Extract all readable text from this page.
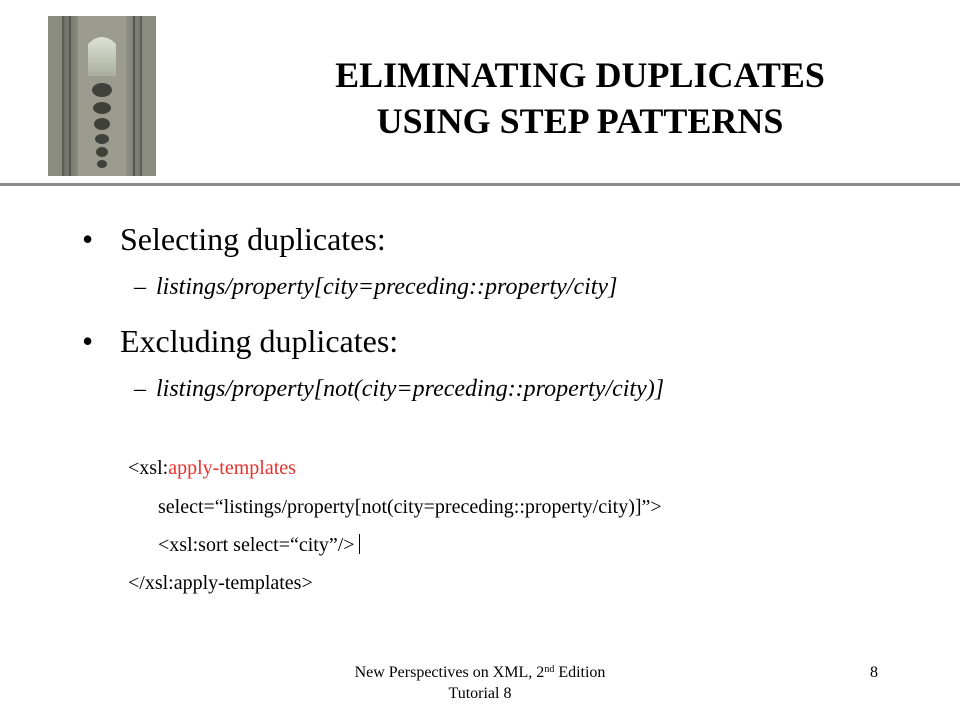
ELIMINATING DUPLICATES
USING STEP PATTERNS
• Selecting duplicates:
– listings/property[city=preceding::property/city]
• Excluding duplicates:
– listings/property[not(city=preceding::property/city)]
<xsl:apply-templates
select=“listings/property[not(city=preceding::property/city)]”>
<xsl:sort select=“city”/>
</xsl:apply-templates>
New Perspectives on XML, 2nd Edition
Tutorial 8
8
